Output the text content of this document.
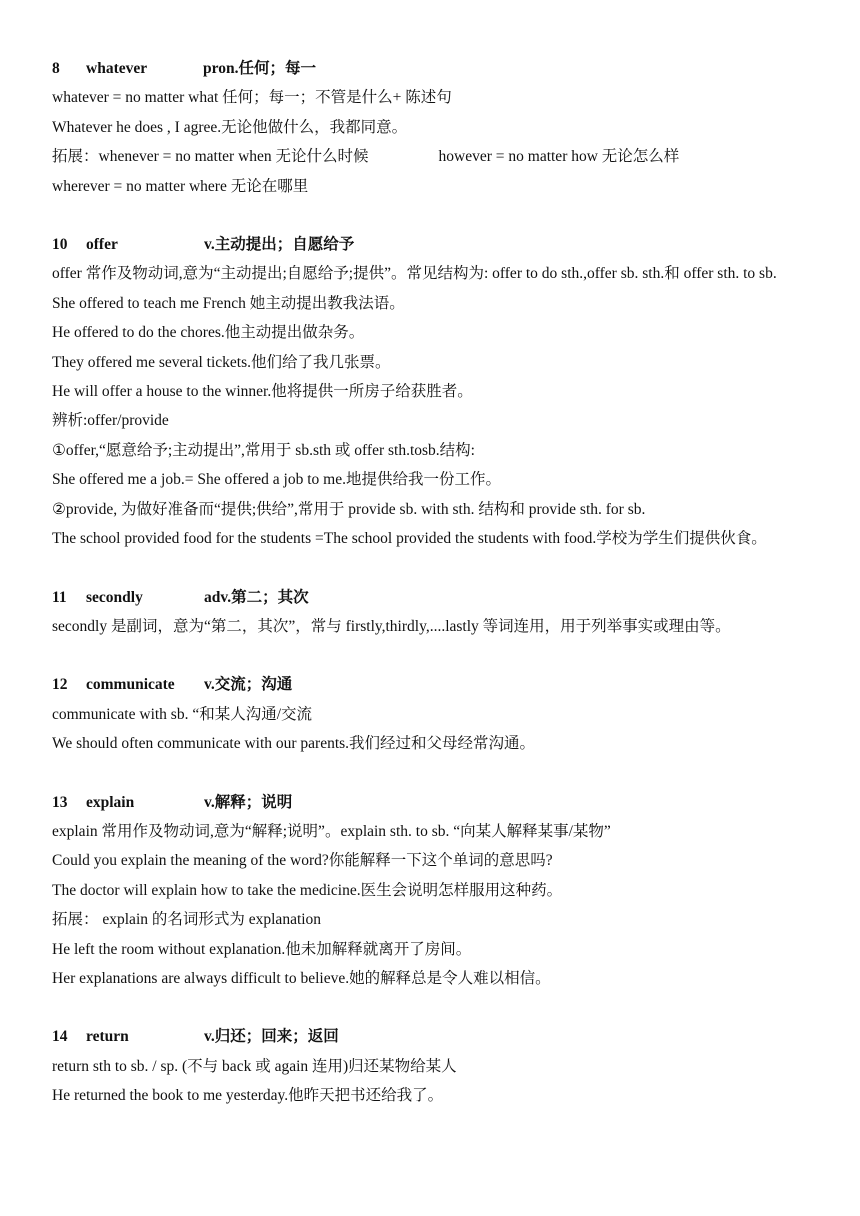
8 whatever	pron.任何；每一
whatever = no matter what 任何；每一；不管是什么+ 陈述句
Whatever he does , I agree.无论他做什么，我都同意。
拓展：whenever = no matter when 无论什么时候	however = no matter how 无论怎么样
wherever = no matter where 无论在哪里
10 offer	v.主动提出；自愿给予
offer 常作及物动词,意为“主动提出;自愿给予;提供”。常见结构为: offer to do sth.,offer sb. sth.和 offer sth. to sb.
She offered to teach me French 她主动提出教我法语。
He offered to do the chores.他主动提出做杂务。
They offered me several tickets.他们给了我几张票。
He will offer a house to the winner.他将提供一所房子给获胜者。
辨析:offer/provide
①offer,“愿意给予;主动提出”,常用于 sb.sth 或 offer sth.tosb.结构:
She offered me a job.= She offered a job to me.地提供给我一份工作。
②provide, 为做好准备而“提供;供给”,常用于 provide sb. with sth. 结构和 provide sth. for sb.
The school provided food for the students =The school provided the students with food.学校为学生们提供伙食。
11 secondly	adv.第二；其次
secondly 是副词，意为“第二，其次”，常与 firstly,thirdly,....lastly 等词连用，用于列举事实或理由等。
12 communicate v.交流；沟通
communicate with sb. “和某人沟通/交流
We should often communicate with our parents.我们经过和父母经常沟通。
13 explain	v.解释；说明
explain 常用作及物动词,意为“解释;说明”。explain sth. to sb. “向某人解释某事/某物”
Could you explain the meaning of the word?你能解释一下这个单词的意思吗?
The doctor will explain how to take the medicine.医生会说明怎样服用这种药。
拓展： explain 的名词形式为 explanation
He left the room without explanation.他未加解释就离开了房间。
Her explanations are always difficult to believe.她的解释总是令人难以相信。
14 return	v.归还；回来；返回
return sth to sb. / sp. (不与 back 或 again 连用)归还某物给某人
He returned the book to me yesterday.他昨天把书还给我了。
